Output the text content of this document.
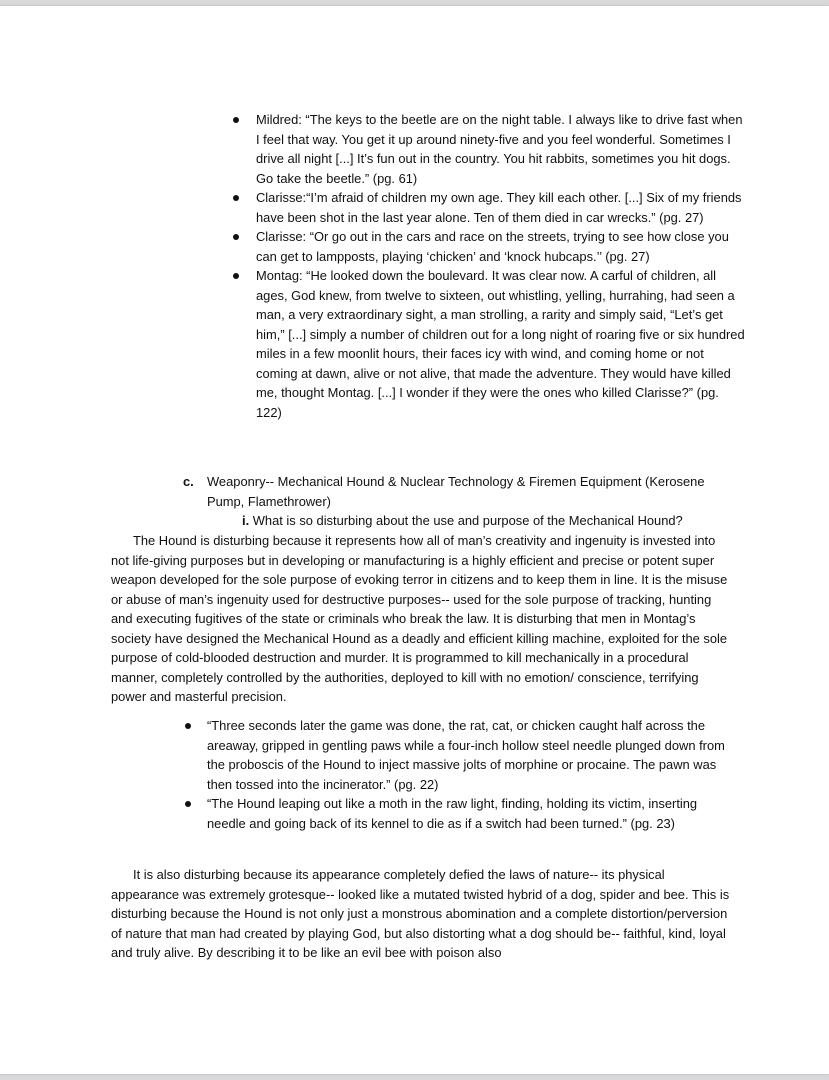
Mildred: “The keys to the beetle are on the night table. I always like to drive fast when I feel that way. You get it up around ninety-five and you feel wonderful. Sometimes I drive all night [...] It’s fun out in the country. You hit rabbits, sometimes you hit dogs. Go take the beetle.” (pg. 61)
Clarisse:“I’m afraid of children my own age. They kill each other. [...] Six of my friends have been shot in the last year alone. Ten of them died in car wrecks.” (pg. 27)
Clarisse: “Or go out in the cars and race on the streets, trying to see how close you can get to lampposts, playing ‘chicken’ and ‘knock hubcaps.’’ (pg. 27)
Montag: “He looked down the boulevard. It was clear now. A carful of children, all ages, God knew, from twelve to sixteen, out whistling, yelling, hurrahing, had seen a man, a very extraordinary sight, a man strolling, a rarity and simply said, “Let’s get him,” [...] simply a number of children out for a long night of roaring five or six hundred miles in a few moonlit hours, their faces icy with wind, and coming home or not coming at dawn, alive or not alive, that made the adventure. They would have killed me, thought Montag. [...] I wonder if they were the ones who killed Clarisse?” (pg. 122)
c. Weaponry-- Mechanical Hound & Nuclear Technology & Firemen Equipment (Kerosene Pump, Flamethrower)
i. What is so disturbing about the use and purpose of the Mechanical Hound?

The Hound is disturbing because it represents how all of man’s creativity and ingenuity is invested into not life-giving purposes but in developing or manufacturing is a highly efficient and precise or potent super weapon developed for the sole purpose of evoking terror in citizens and to keep them in line. It is the misuse or abuse of man’s ingenuity used for destructive purposes-- used for the sole purpose of tracking, hunting and executing fugitives of the state or criminals who break the law. It is disturbing that men in Montag’s society have designed the Mechanical Hound as a deadly and efficient killing machine, exploited for the sole purpose of cold-blooded destruction and murder. It is programmed to kill mechanically in a procedural manner, completely controlled by the authorities, deployed to kill with no emotion/ conscience, terrifying power and masterful precision.

“Three seconds later the game was done, the rat, cat, or chicken caught half across the areaway, gripped in gentling paws while a four-inch hollow steel needle plunged down from the proboscis of the Hound to inject massive jolts of morphine or procaine. The pawn was then tossed into the incinerator.” (pg. 22)
“The Hound leaping out like a moth in the raw light, finding, holding its victim, inserting needle and going back of its kennel to die as if a switch had been turned.” (pg. 23)

It is also disturbing because its appearance completely defied the laws of nature-- its physical appearance was extremely grotesque-- looked like a mutated twisted hybrid of a dog, spider and bee. This is disturbing because the Hound is not only just a monstrous abomination and a complete distortion/perversion of nature that man had created by playing God, but also distorting what a dog should be-- faithful, kind, loyal and truly alive. By describing it to be like an evil bee with poison also
